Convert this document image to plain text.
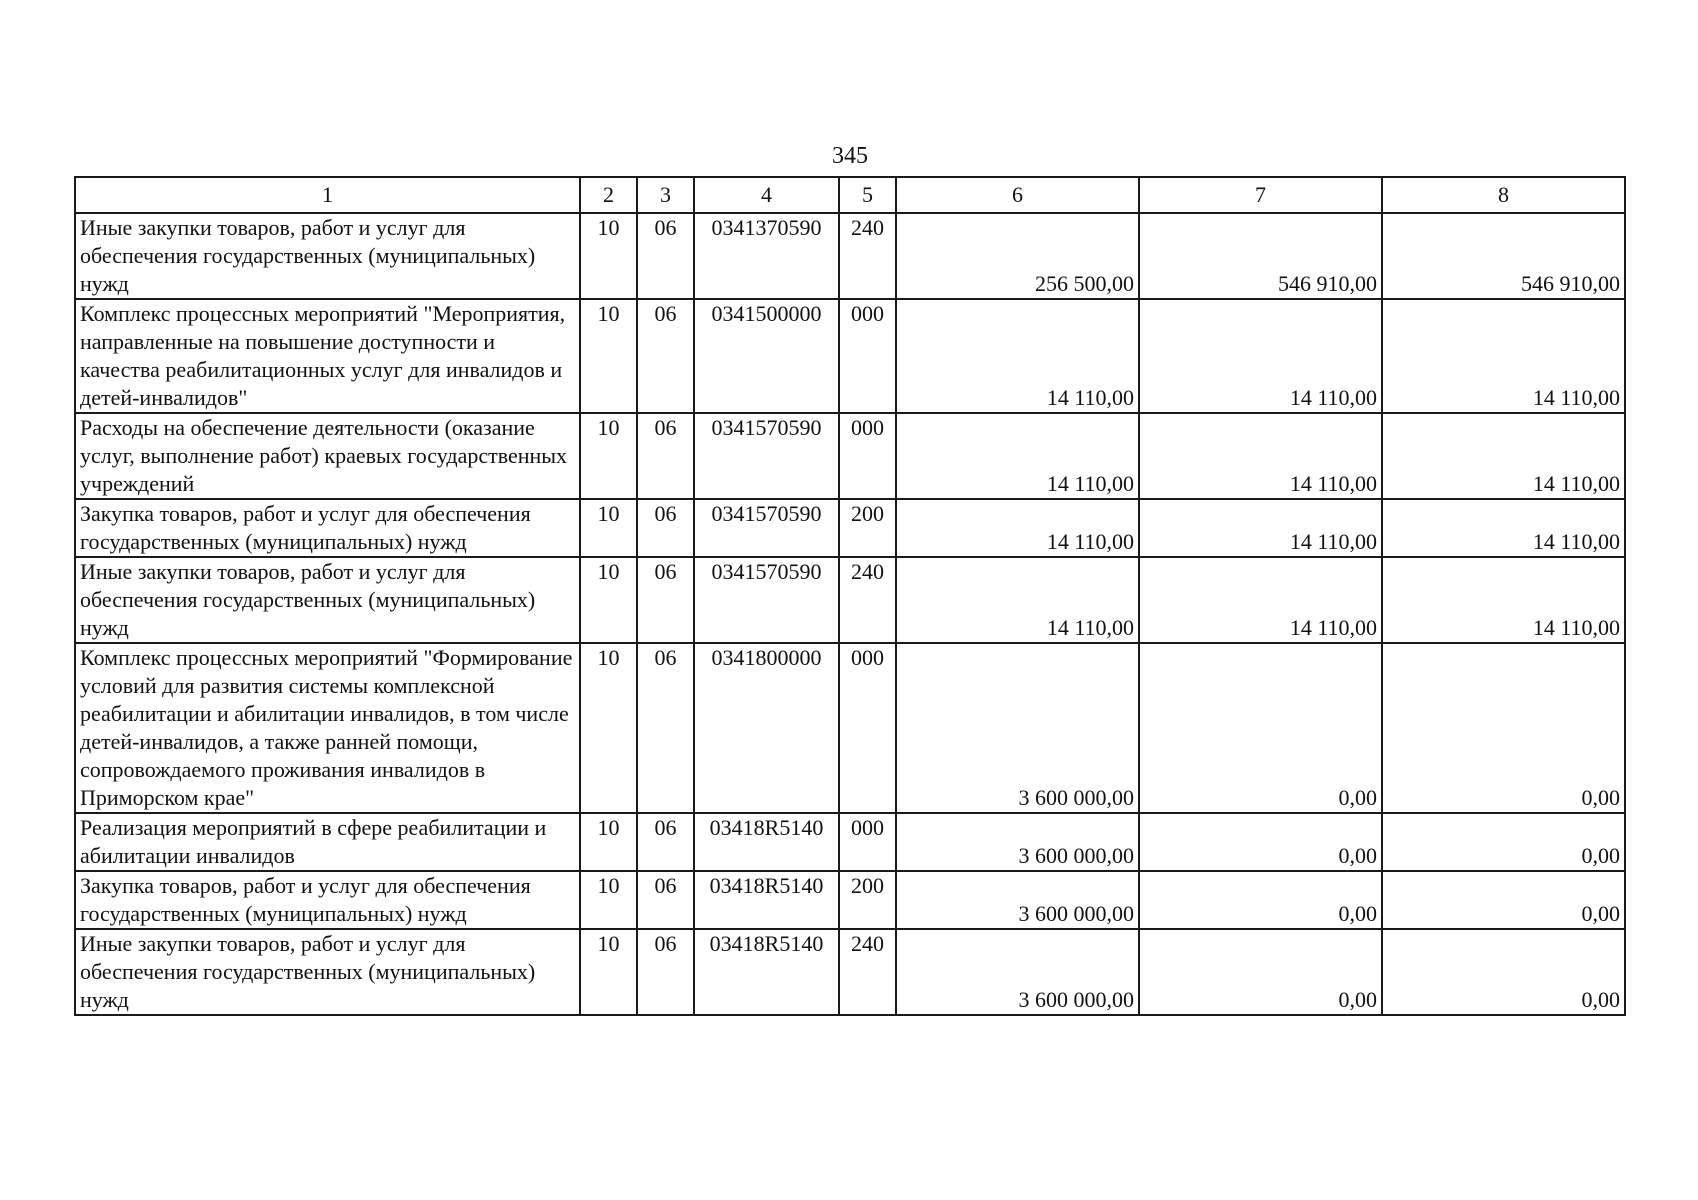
345
1	2	3	4	5	6	7	8
Иные закупки товаров, работ и услуг для обеспечения государственных (муниципальных) нужд	10	06	0341370590	240	256 500,00	546 910,00	546 910,00
Комплекс процессных мероприятий "Мероприятия, направленные на повышение доступности и качества реабилитационных услуг для инвалидов и детей-инвалидов"	10	06	0341500000	000	14 110,00	14 110,00	14 110,00
Расходы на обеспечение деятельности (оказание услуг, выполнение работ) краевых государственных учреждений	10	06	0341570590	000	14 110,00	14 110,00	14 110,00
Закупка товаров, работ и услуг для обеспечения государственных (муниципальных) нужд	10	06	0341570590	200	14 110,00	14 110,00	14 110,00
Иные закупки товаров, работ и услуг для обеспечения государственных (муниципальных) нужд	10	06	0341570590	240	14 110,00	14 110,00	14 110,00
Комплекс процессных мероприятий "Формирование условий для развития системы комплексной реабилитации и абилитации инвалидов, в том числе детей-инвалидов, а также ранней помощи, сопровождаемого проживания инвалидов в Приморском крае"	10	06	0341800000	000	3 600 000,00	0,00	0,00
Реализация мероприятий в сфере реабилитации и абилитации инвалидов	10	06	03418R5140	000	3 600 000,00	0,00	0,00
Закупка товаров, работ и услуг для обеспечения государственных (муниципальных) нужд	10	06	03418R5140	200	3 600 000,00	0,00	0,00
Иные закупки товаров, работ и услуг для обеспечения государственных (муниципальных) нужд	10	06	03418R5140	240	3 600 000,00	0,00	0,00
